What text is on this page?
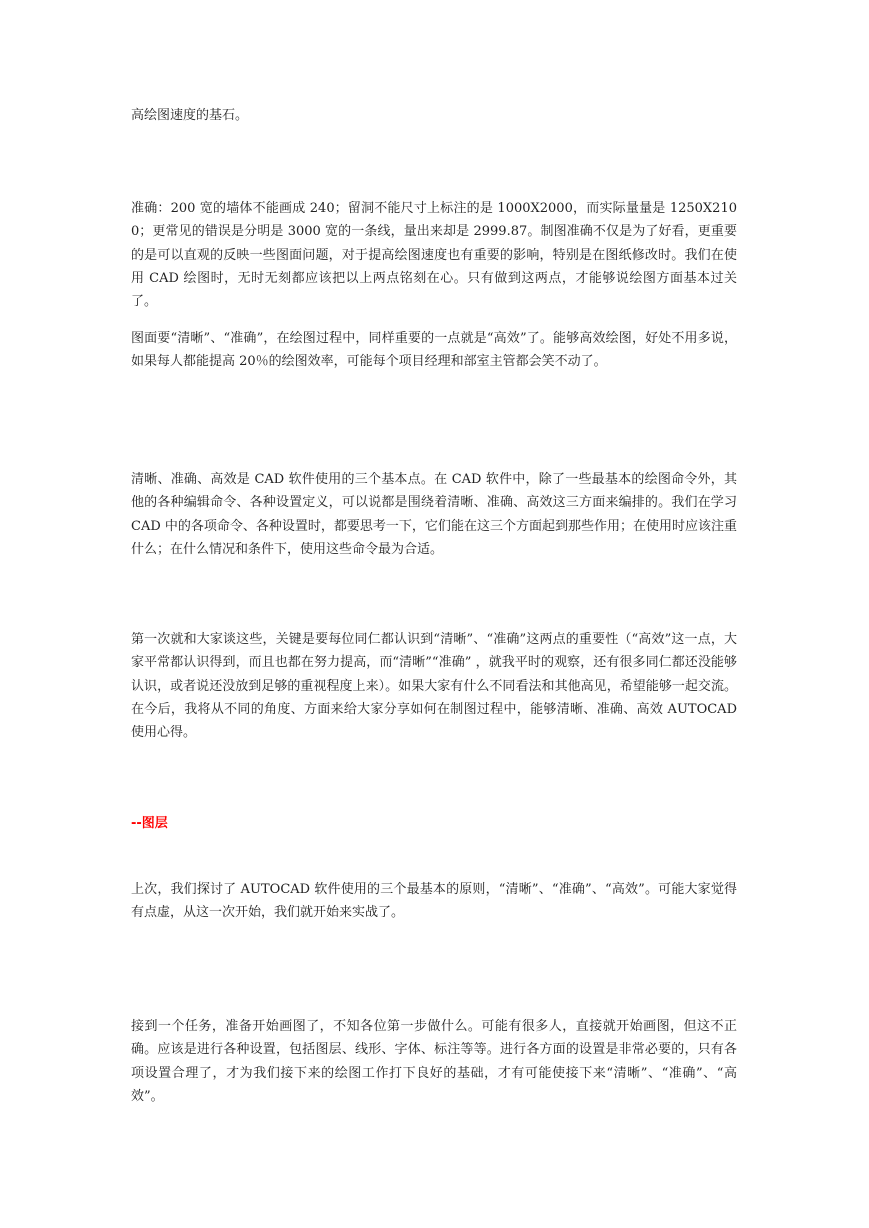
高绘图速度的基石。

准确：200 宽的墙体不能画成 240；留洞不能尺寸上标注的是 1000X2000，而实际量量是 1250X2100；更常见的错误是分明是 3000 宽的一条线，量出来却是 2999.87。制图准确不仅是为了好看，更重要的是可以直观的反映一些图面问题，对于提高绘图速度也有重要的影响，特别是在图纸修改时。我们在使用 CAD 绘图时，无时无刻都应该把以上两点铭刻在心。只有做到这两点，才能够说绘图方面基本过关了。

图面要“清晰”、“准确”，在绘图过程中，同样重要的一点就是“高效”了。能够高效绘图，好处不用多说，如果每人都能提高 20％的绘图效率，可能每个项目经理和部室主管都会笑不动了。

清晰、准确、高效是 CAD 软件使用的三个基本点。在 CAD 软件中，除了一些最基本的绘图命令外，其他的各种编辑命令、各种设置定义，可以说都是围绕着清晰、准确、高效这三方面来编排的。我们在学习 CAD 中的各项命令、各种设置时，都要思考一下，它们能在这三个方面起到那些作用；在使用时应该注重什么；在什么情况和条件下，使用这些命令最为合适。

第一次就和大家谈这些，关键是要每位同仁都认识到“清晰”、“准确”这两点的重要性（“高效”这一点，大家平常都认识得到，而且也都在努力提高，而“清晰”“准确” ，就我平时的观察，还有很多同仁都还没能够认识，或者说还没放到足够的重视程度上来）。如果大家有什么不同看法和其他高见，希望能够一起交流。在今后，我将从不同的角度、方面来给大家分享如何在制图过程中，能够清晰、准确、高效 AUTOCAD 使用心得。

--图层

上次，我们探讨了 AUTOCAD 软件使用的三个最基本的原则，“清晰”、“准确”、“高效”。可能大家觉得有点虚，从这一次开始，我们就开始来实战了。

接到一个任务，准备开始画图了，不知各位第一步做什么。可能有很多人，直接就开始画图，但这不正确。应该是进行各种设置，包括图层、线形、字体、标注等等。进行各方面的设置是非常必要的，只有各项设置合理了，才为我们接下来的绘图工作打下良好的基础，才有可能使接下来“清晰”、“准确”、“高效”。
